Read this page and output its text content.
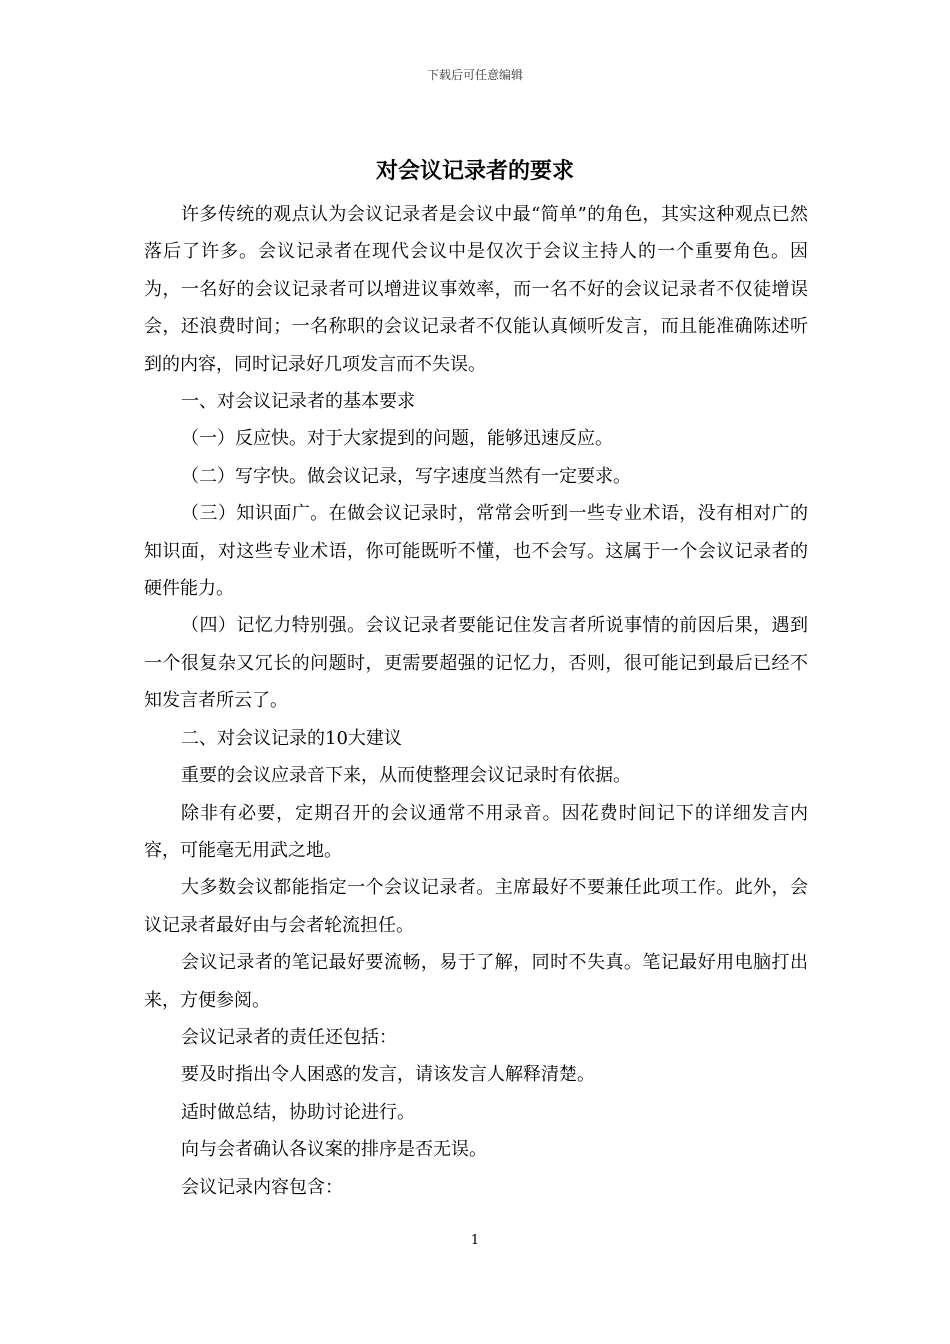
下载后可任意编辑
对会议记录者的要求

许多传统的观点认为会议记录者是会议中最“简单”的角色，其实这种观点已然落后了许多。会议记录者在现代会议中是仅次于会议主持人的一个重要角色。因为，一名好的会议记录者可以增进议事效率，而一名不好的会议记录者不仅徒增误会，还浪费时间；一名称职的会议记录者不仅能认真倾听发言，而且能准确陈述听到的内容，同时记录好几项发言而不失误。

一、对会议记录者的基本要求

（一）反应快。对于大家提到的问题，能够迅速反应。

（二）写字快。做会议记录，写字速度当然有一定要求。

（三）知识面广。在做会议记录时，常常会听到一些专业术语，没有相对广的知识面，对这些专业术语，你可能既听不懂，也不会写。这属于一个会议记录者的硬件能力。

（四）记忆力特别强。会议记录者要能记住发言者所说事情的前因后果，遇到一个很复杂又冗长的问题时，更需要超强的记忆力，否则，很可能记到最后已经不知发言者所云了。

二、对会议记录的10大建议

重要的会议应录音下来，从而使整理会议记录时有依据。

除非有必要，定期召开的会议通常不用录音。因花费时间记下的详细发言内容，可能毫无用武之地。

大多数会议都能指定一个会议记录者。主席最好不要兼任此项工作。此外，会议记录者最好由与会者轮流担任。

会议记录者的笔记最好要流畅，易于了解，同时不失真。笔记最好用电脑打出来，方便参阅。

会议记录者的责任还包括：

要及时指出令人困惑的发言，请该发言人解释清楚。

适时做总结，协助讨论进行。

向与会者确认各议案的排序是否无误。

会议记录内容包含：

1
